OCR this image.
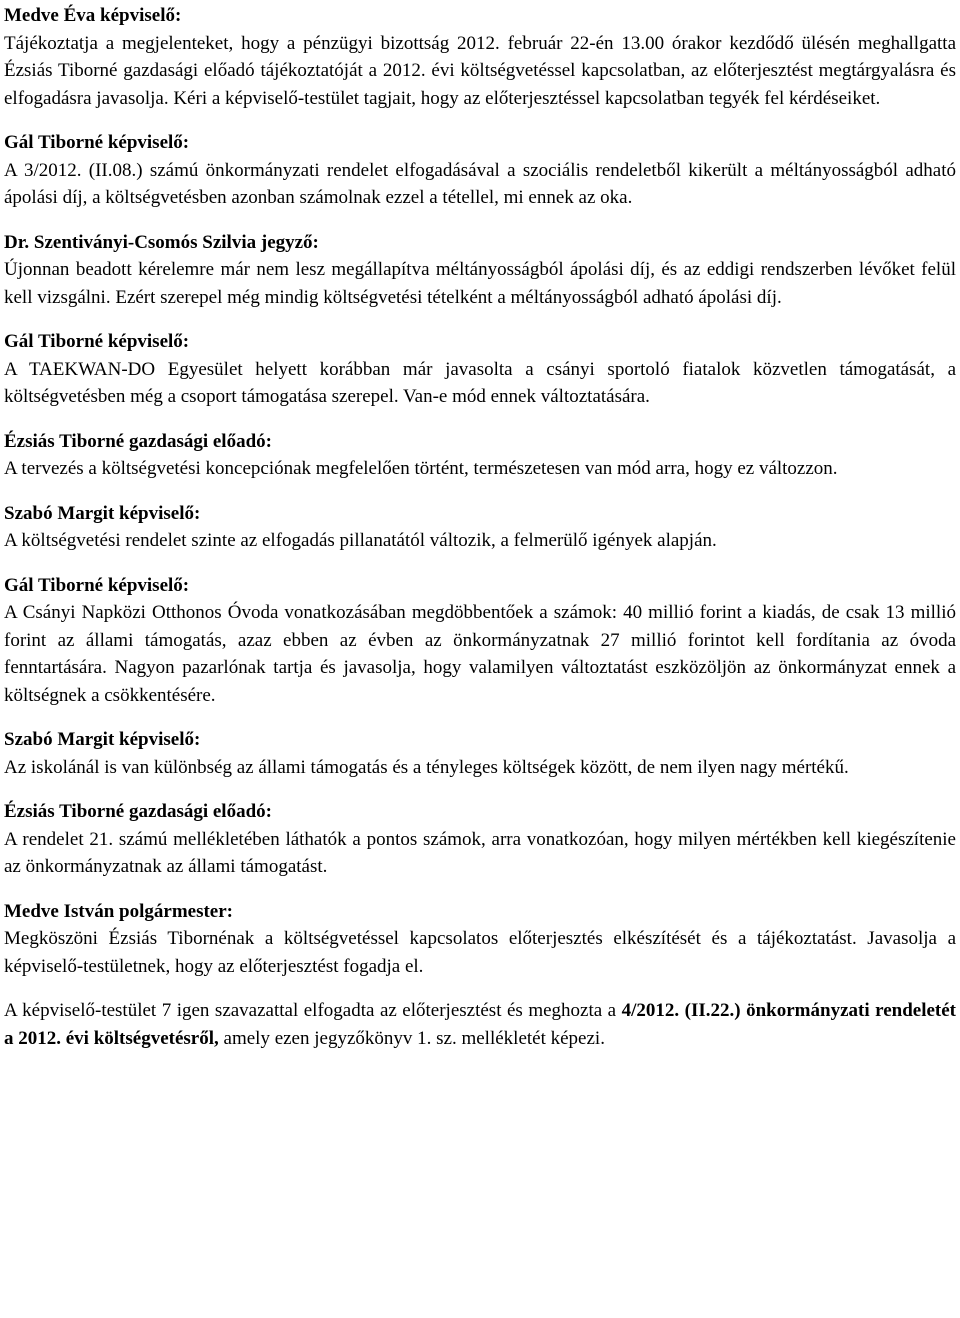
Medve Éva képviselő:

Tájékoztatja a megjelenteket, hogy a pénzügyi bizottság 2012. február 22-én 13.00 órakor kezdődő ülésén meghallgatta Ézsiás Tiborné gazdasági előadó tájékoztatóját a 2012. évi költségvetéssel kapcsolatban, az előterjesztést megtárgyalásra és elfogadásra javasolja. Kéri a képviselő-testület tagjait, hogy az előterjesztéssel kapcsolatban tegyék fel kérdéseiket.

Gál Tiborné képviselő:

A 3/2012. (II.08.) számú önkormányzati rendelet elfogadásával a szociális rendeletből kikerült a méltányosságból adható ápolási díj, a költségvetésben azonban számolnak ezzel a tétellel, mi ennek az oka.

Dr. Szentiványi-Csomós Szilvia jegyző:

Újonnan beadott kérelemre már nem lesz megállapítva méltányosságból ápolási díj, és az eddigi rendszerben lévőket felül kell vizsgálni. Ezért szerepel még mindig költségvetési tételként a méltányosságból adható ápolási díj.

Gál Tiborné képviselő:

A TAEKWAN-DO Egyesület helyett korábban már javasolta a csányi sportoló fiatalok közvetlen támogatását, a költségvetésben még a csoport támogatása szerepel. Van-e mód ennek változtatására.

Ézsiás Tiborné gazdasági előadó:

A tervezés a költségvetési koncepciónak megfelelően történt, természetesen van mód arra, hogy ez változzon.

Szabó Margit képviselő:

A költségvetési rendelet szinte az elfogadás pillanatától változik, a felmerülő igények alapján.

Gál Tiborné képviselő:

A Csányi Napközi Otthonos Óvoda vonatkozásában megdöbbentőek a számok: 40 millió forint a kiadás, de csak 13 millió forint az állami támogatás, azaz ebben az évben az önkormányzatnak 27 millió forintot kell fordítania az óvoda fenntartására. Nagyon pazarlónak tartja és javasolja, hogy valamilyen változtatást eszközöljön az önkormányzat ennek a költségnek a csökkentésére.

Szabó Margit képviselő:

Az iskolánál is van különbség az állami támogatás és a tényleges költségek között, de nem ilyen nagy mértékű.

Ézsiás Tiborné gazdasági előadó:

A rendelet 21. számú mellékletében láthatók a pontos számok, arra vonatkozóan, hogy milyen mértékben kell kiegészítenie az önkormányzatnak az állami támogatást.

Medve István polgármester:

Megköszöni Ézsiás Tibornénak a költségvetéssel kapcsolatos előterjesztés elkészítését és a tájékoztatást. Javasolja a képviselő-testületnek, hogy az előterjesztést fogadja el.

A képviselő-testület 7 igen szavazattal elfogadta az előterjesztést és meghozta a 4/2012. (II.22.) önkormányzati rendeletét a 2012. évi költségvetésről, amely ezen jegyzőkönyv 1. sz. mellékletét képezi.
